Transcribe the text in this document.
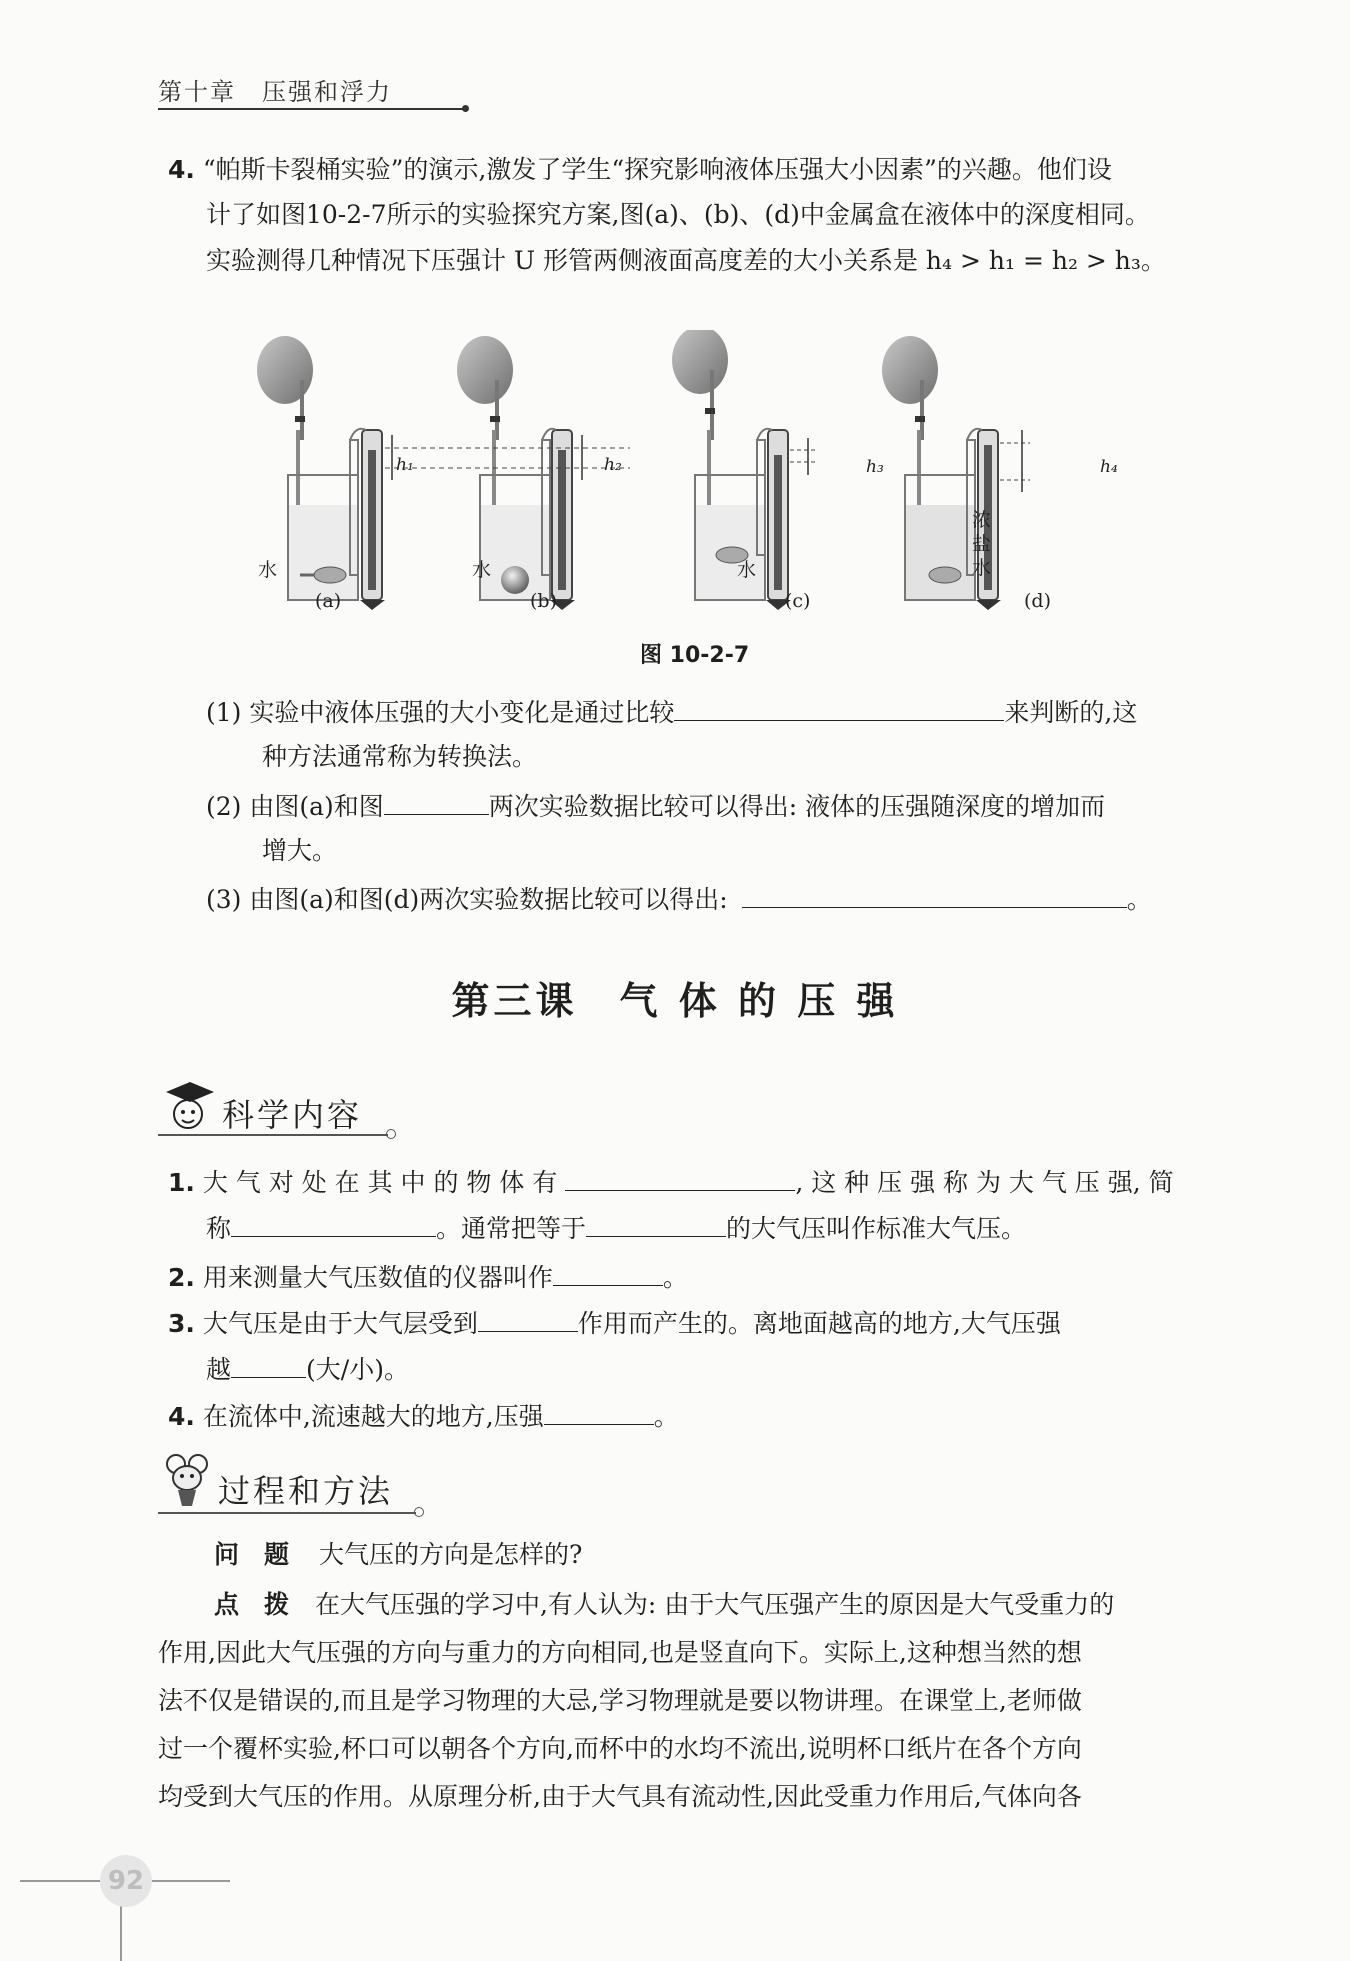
第十章　压强和浮力
4. “帕斯卡裂桶实验”的演示,激发了学生“探究影响液体压强大小因素”的兴趣。他们设
计了如图10-2-7所示的实验探究方案,图(a)、(b)、(d)中金属盒在液体中的深度相同。
实验测得几种情况下压强计 U 形管两侧液面高度差的大小关系是 h₄ > h₁ = h₂ > h₃。
h₁	h₂	h₃	h₄
水	水	水
浓盐水
(a)	(b)	(c)	(d)
图 10-2-7
(1) 实验中液体压强的大小变化是通过比较	来判断的,这
种方法通常称为转换法。
(2) 由图(a)和图	两次实验数据比较可以得出: 液体的压强随深度的增加而
增大。
(3) 由图(a)和图(d)两次实验数据比较可以得出:	。
第三课　气 体 的 压 强
科学内容
1. 大 气 对 处 在 其 中 的 物 体 有	, 这 种 压 强 称 为 大 气 压 强, 简
称	。通常把等于	的大气压叫作标准大气压。
2. 用来测量大气压数值的仪器叫作	。
3. 大气压是由于大气层受到	作用而产生的。离地面越高的地方,大气压强
越	(大/小)。
4. 在流体中,流速越大的地方,压强	。
过程和方法
问　题 大气压的方向是怎样的?
点　拨 在大气压强的学习中,有人认为: 由于大气压强产生的原因是大气受重力的
作用,因此大气压强的方向与重力的方向相同,也是竖直向下。实际上,这种想当然的想
法不仅是错误的,而且是学习物理的大忌,学习物理就是要以物讲理。在课堂上,老师做
过一个覆杯实验,杯口可以朝各个方向,而杯中的水均不流出,说明杯口纸片在各个方向
均受到大气压的作用。从原理分析,由于大气具有流动性,因此受重力作用后,气体向各
92
